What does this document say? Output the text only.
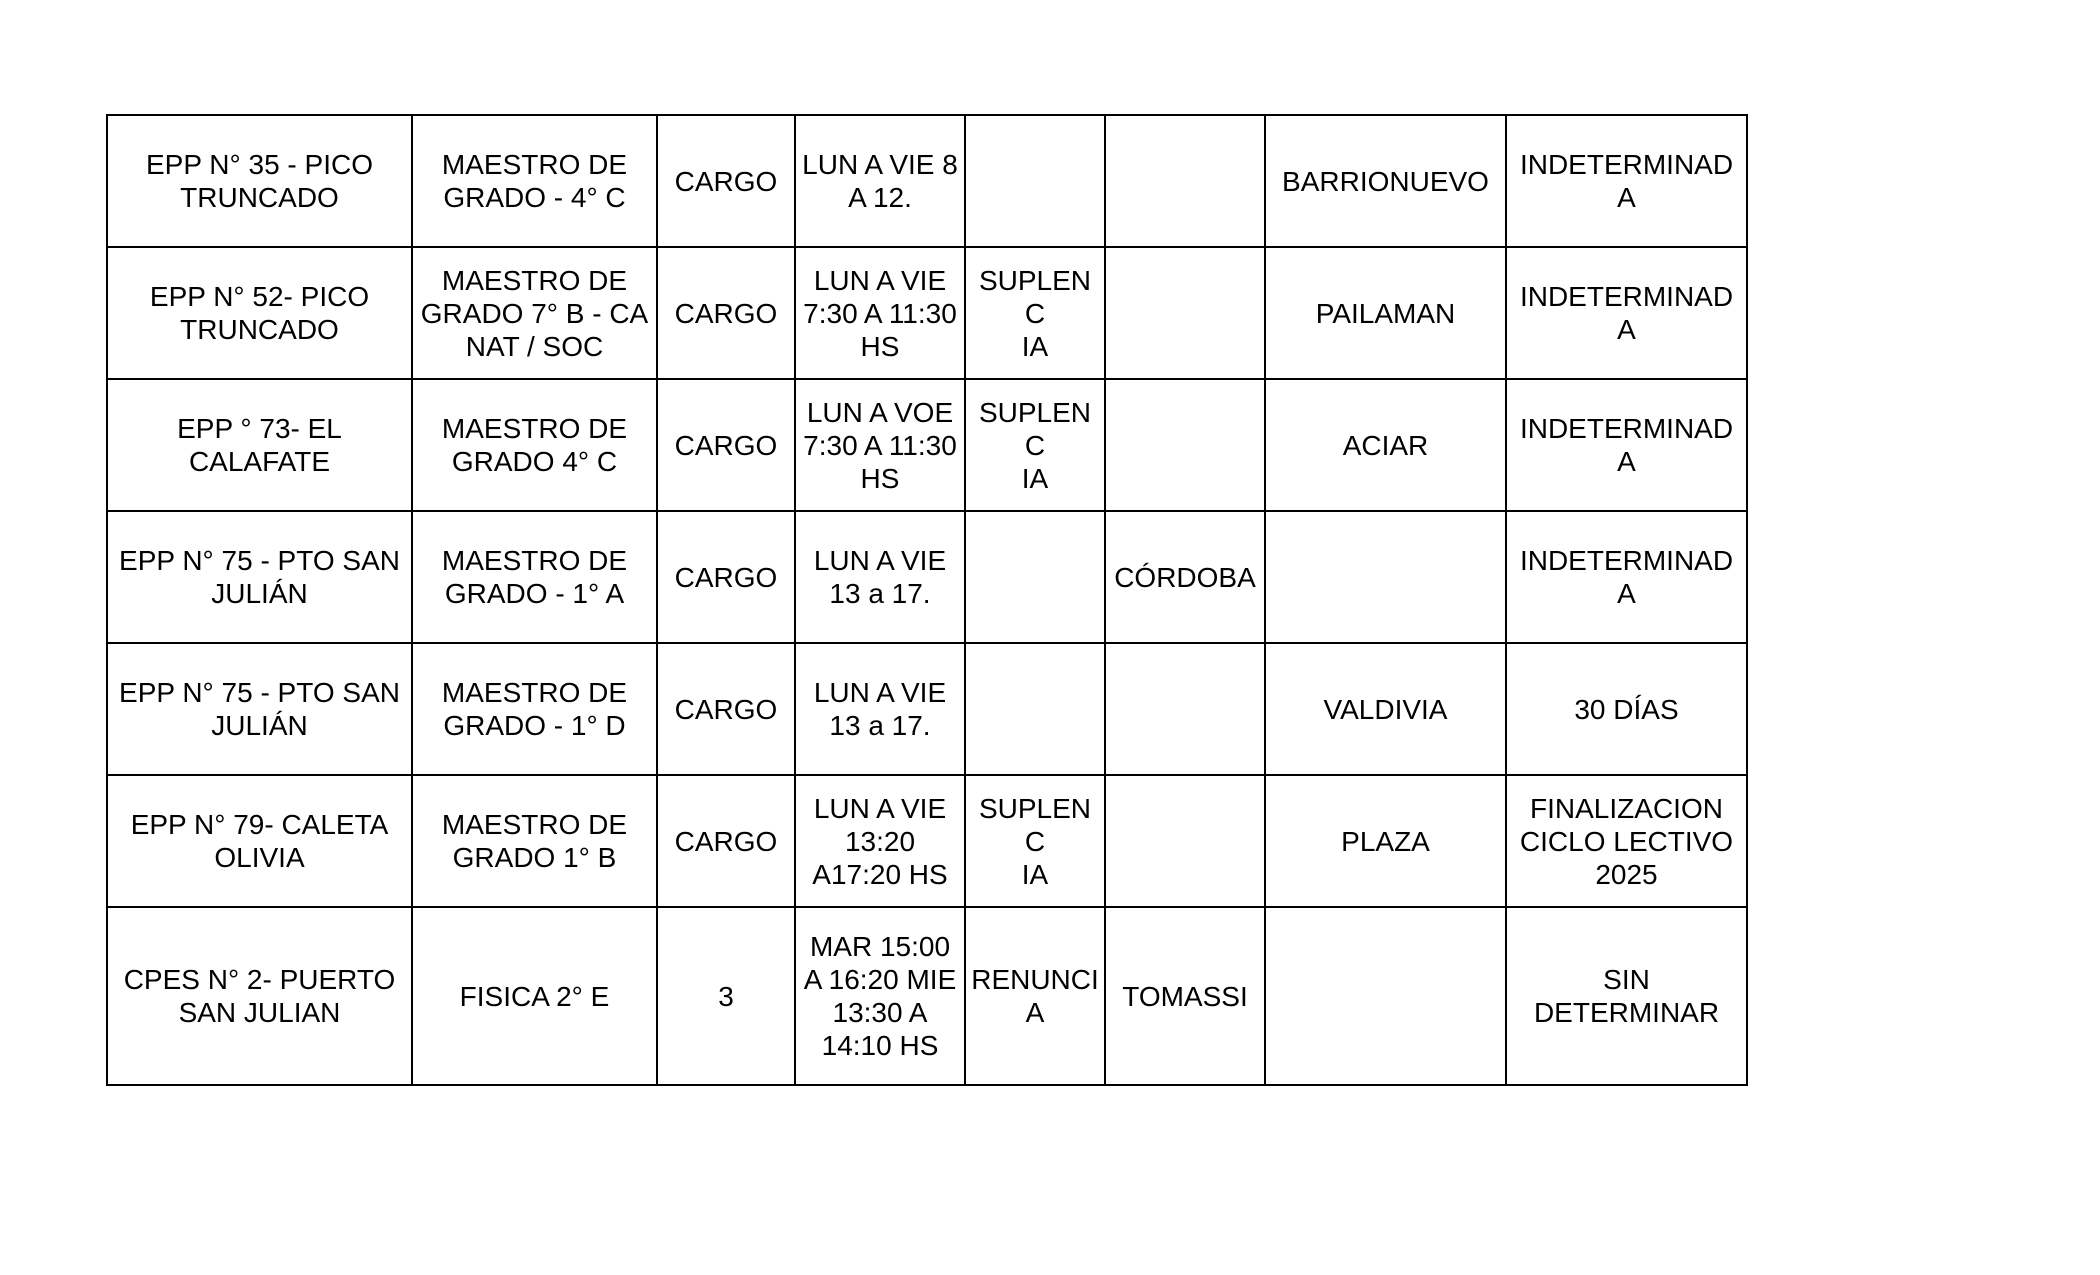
EPP N° 35 - PICO
TRUNCADO	MAESTRO DE
GRADO - 4° C	CARGO	LUN A VIE 8
A 12.			BARRIONUEVO	INDETERMINADA
EPP N° 52- PICO
TRUNCADO	MAESTRO DE
GRADO 7° B - CA
NAT / SOC	CARGO	LUN A VIE
7:30 A 11:30
HS	SUPLENC
IA		PAILAMAN	INDETERMINADA
EPP ° 73- EL
CALAFATE	MAESTRO DE
GRADO 4° C	CARGO	LUN A VOE
7:30 A 11:30
HS	SUPLENC
IA		ACIAR	INDETERMINADA
EPP N° 75 - PTO SAN
JULIÁN	MAESTRO DE
GRADO - 1° A	CARGO	LUN A VIE
13 a 17.		CÓRDOBA		INDETERMINADA
EPP N° 75 - PTO SAN
JULIÁN	MAESTRO DE
GRADO - 1° D	CARGO	LUN A VIE
13 a 17.			VALDIVIA	30 DÍAS
EPP N° 79- CALETA
OLIVIA	MAESTRO DE
GRADO 1° B	CARGO	LUN A VIE
13:20
A17:20 HS	SUPLENC
IA		PLAZA	FINALIZACION
CICLO LECTIVO
2025
CPES N° 2- PUERTO
SAN JULIAN	FISICA 2° E	3	MAR 15:00
A 16:20 MIE
13:30 A
14:10 HS	RENUNCI
A	TOMASSI		SIN
DETERMINAR
